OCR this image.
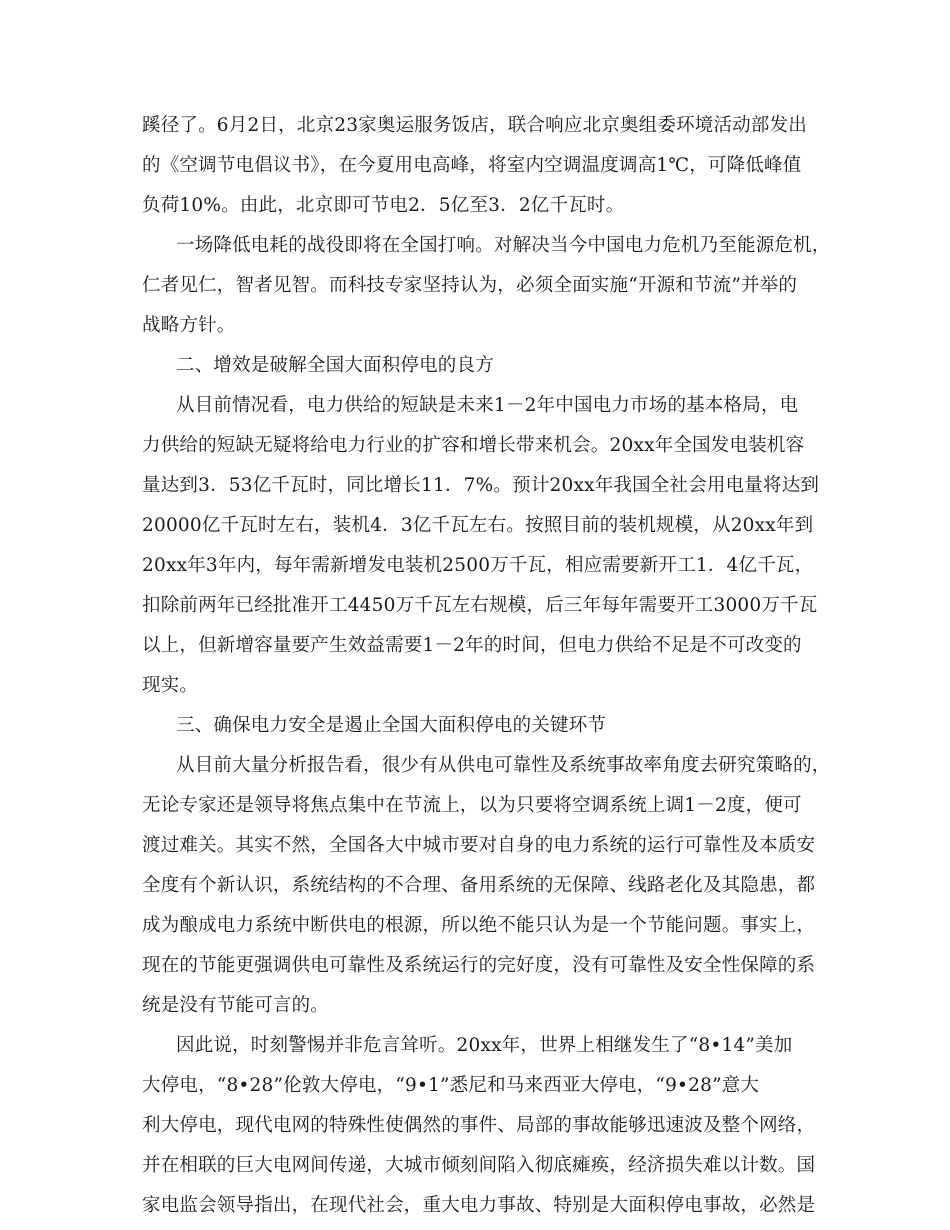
蹊径了。6月2日，北京23家奥运服务饭店，联合响应北京奥组委环境活动部发出
的《空调节电倡议书》，在今夏用电高峰，将室内空调温度调高1℃，可降低峰值
负荷10%。由此，北京即可节电2．5亿至3．2亿千瓦时。
一场降低电耗的战役即将在全国打响。对解决当今中国电力危机乃至能源危机，
仁者见仁，智者见智。而科技专家坚持认为，必须全面实施“开源和节流”并举的
战略方针。
二、增效是破解全国大面积停电的良方
从目前情况看，电力供给的短缺是未来1－2年中国电力市场的基本格局，电
力供给的短缺无疑将给电力行业的扩容和增长带来机会。20xx年全国发电装机容
量达到3．53亿千瓦时，同比增长11．7%。预计20xx年我国全社会用电量将达到
20000亿千瓦时左右，装机4．3亿千瓦左右。按照目前的装机规模，从20xx年到
20xx年3年内，每年需新增发电装机2500万千瓦，相应需要新开工1．4亿千瓦，
扣除前两年已经批准开工4450万千瓦左右规模，后三年每年需要开工3000万千瓦
以上，但新增容量要产生效益需要1－2年的时间，但电力供给不足是不可改变的
现实。
三、确保电力安全是遏止全国大面积停电的关键环节
从目前大量分析报告看，很少有从供电可靠性及系统事故率角度去研究策略的，
无论专家还是领导将焦点集中在节流上，以为只要将空调系统上调1－2度，便可
渡过难关。其实不然，全国各大中城市要对自身的电力系统的运行可靠性及本质安
全度有个新认识，系统结构的不合理、备用系统的无保障、线路老化及其隐患，都
成为酿成电力系统中断供电的根源，所以绝不能只认为是一个节能问题。事实上，
现在的节能更强调供电可靠性及系统运行的完好度，没有可靠性及安全性保障的系
统是没有节能可言的。
因此说，时刻警惕并非危言耸听。20xx年，世界上相继发生了“8•14”美加
大停电，“8•28”伦敦大停电，“9•1”悉尼和马来西亚大停电，“9•28”意大
利大停电，现代电网的特殊性使偶然的事件、局部的事故能够迅速波及整个网络，
并在相联的巨大电网间传递，大城市倾刻间陷入彻底瘫痪，经济损失难以计数。国
家电监会领导指出，在现代社会，重大电力事故、特别是大面积停电事故，必然是
